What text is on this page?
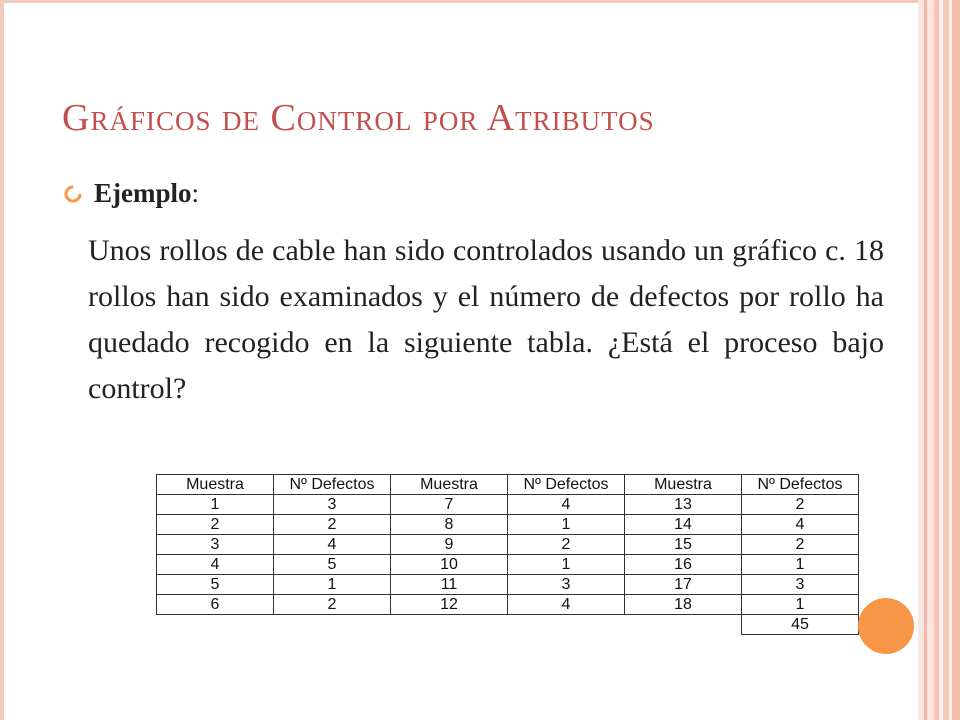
Gráficos de Control por Atributos
Ejemplo:
Unos rollos de cable han sido controlados usando un gráfico c. 18 rollos han sido examinados y el número de defectos por rollo ha quedado recogido en la siguiente tabla. ¿Está el proceso bajo control?
Muestra	Nº Defectos	Muestra	Nº Defectos	Muestra	Nº Defectos
1	3	7	4	13	2
2	2	8	1	14	4
3	4	9	2	15	2
4	5	10	1	16	1
5	1	11	3	17	3
6	2	12	4	18	1
					45
